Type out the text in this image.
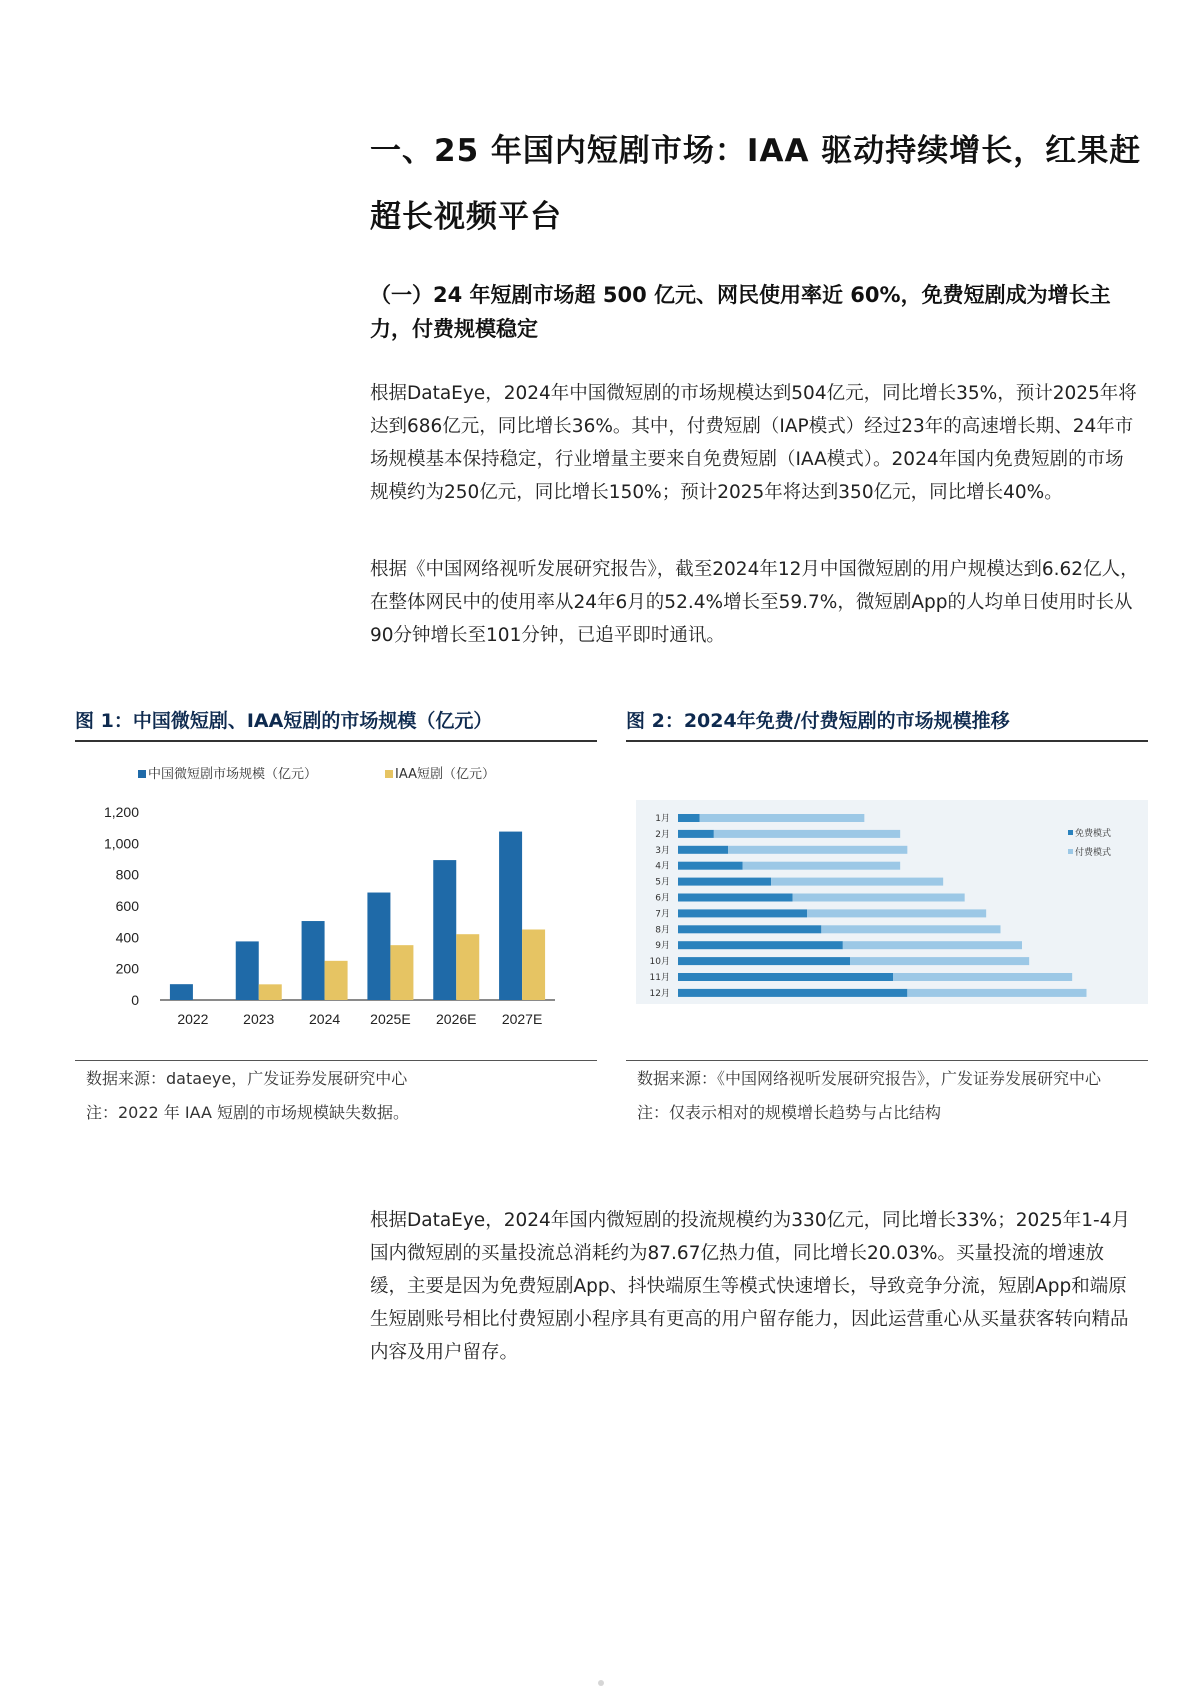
一、25 年国内短剧市场：IAA 驱动持续增长，红果赶超长视频平台
（一）24 年短剧市场超 500 亿元、网民使用率近 60%，免费短剧成为增长主力，付费规模稳定

根据DataEye，2024年中国微短剧的市场规模达到504亿元，同比增长35%，预计2025年将达到686亿元，同比增长36%。其中，付费短剧（IAP模式）经过23年的高速增长期、24年市场规模基本保持稳定，行业增量主要来自免费短剧（IAA模式）。2024年国内免费短剧的市场规模约为250亿元，同比增长150%；预计2025年将达到350亿元，同比增长40%。

根据《中国网络视听发展研究报告》，截至2024年12月中国微短剧的用户规模达到6.62亿人，在整体网民中的使用率从24年6月的52.4%增长至59.7%，微短剧App的人均单日使用时长从90分钟增长至101分钟，已追平即时通讯。

图 1：中国微短剧、IAA短剧的市场规模（亿元）	图 2：2024年免费/付费短剧的市场规模推移
中国微短剧市场规模（亿元）	IAA短剧（亿元）
0
200
400
600
800
1,000
1,200
2022 2023 2024 2025E 2026E 2027E
1月
2月
3月
4月
5月
6月
7月
8月
9月
10月
11月
12月
免费模式
付费模式
数据来源：dataeye，广发证券发展研究中心
注：2022 年 IAA 短剧的市场规模缺失数据。
数据来源：《中国网络视听发展研究报告》，广发证券发展研究中心
注：仅表示相对的规模增长趋势与占比结构

根据DataEye，2024年国内微短剧的投流规模约为330亿元，同比增长33%；2025年1-4月国内微短剧的买量投流总消耗约为87.67亿热力值，同比增长20.03%。买量投流的增速放缓，主要是因为免费短剧App、抖快端原生等模式快速增长，导致竞争分流，短剧App和端原生短剧账号相比付费短剧小程序具有更高的用户留存能力，因此运营重心从买量获客转向精品内容及用户留存。
